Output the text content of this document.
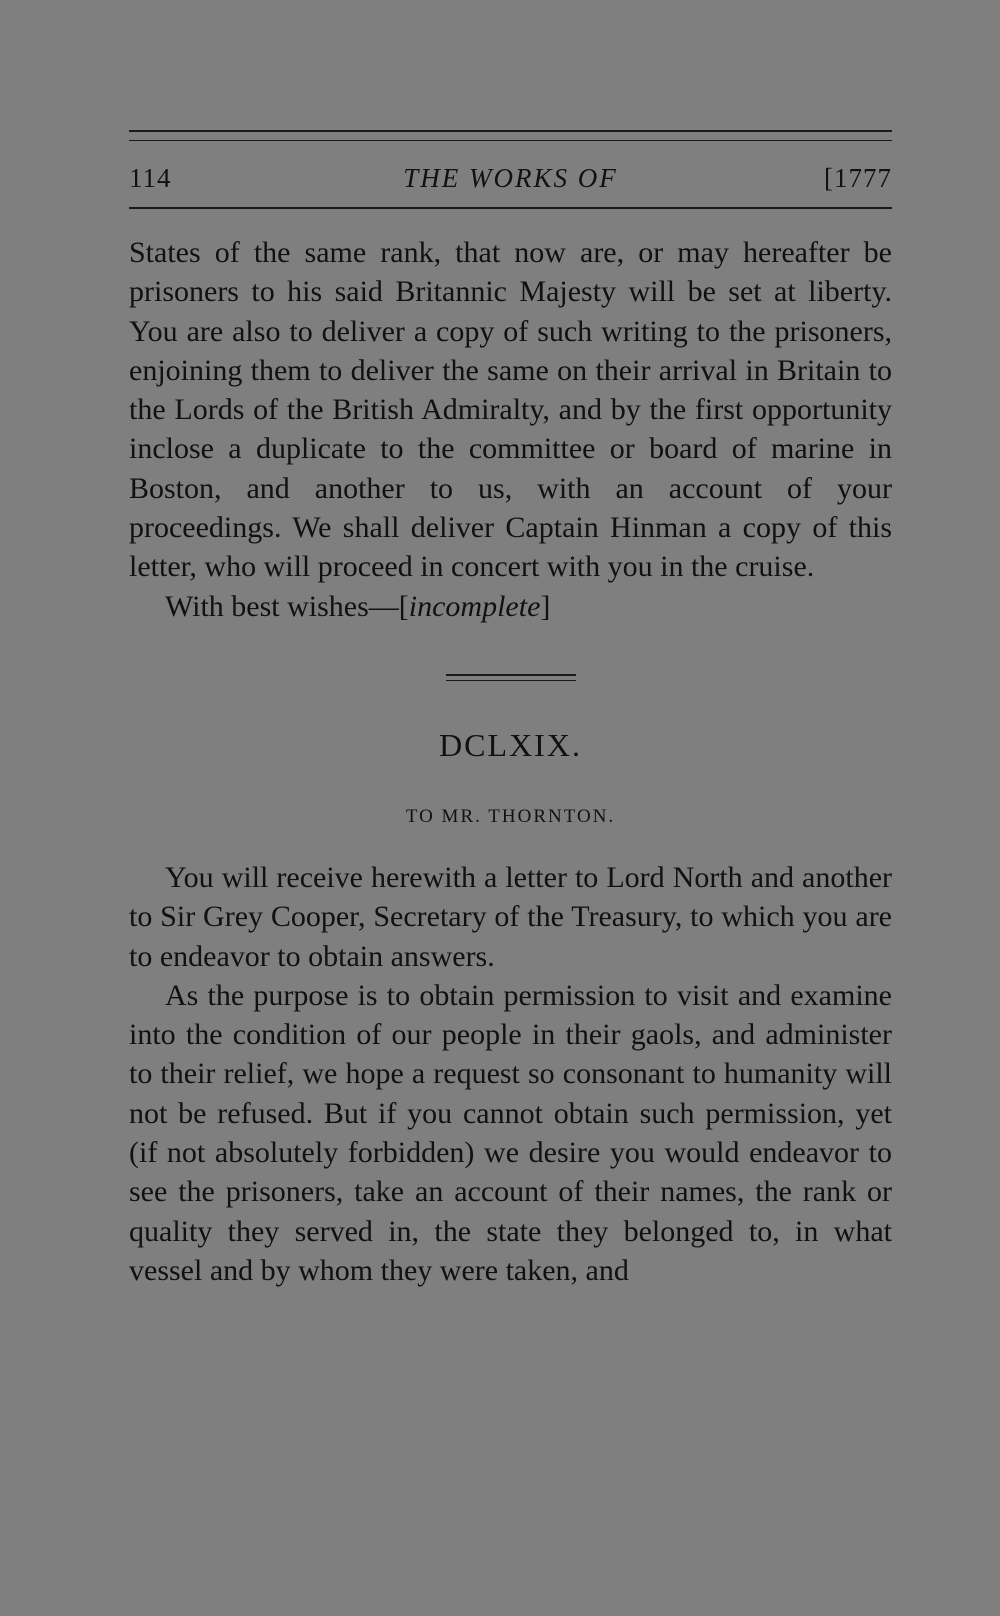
114	THE WORKS OF	[1777

States of the same rank, that now are, or may hereafter be prisoners to his said Britannic Majesty will be set at liberty. You are also to deliver a copy of such writing to the prisoners, enjoining them to deliver the same on their arrival in Britain to the Lords of the British Admiralty, and by the first opportunity inclose a duplicate to the committee or board of marine in Boston, and another to us, with an account of your proceedings. We shall deliver Captain Hinman a copy of this letter, who will proceed in concert with you in the cruise.

With best wishes—[incomplete]

DCLXIX.
TO MR. THORNTON.

You will receive herewith a letter to Lord North and another to Sir Grey Cooper, Secretary of the Treasury, to which you are to endeavor to obtain answers.

As the purpose is to obtain permission to visit and examine into the condition of our people in their gaols, and administer to their relief, we hope a request so consonant to humanity will not be refused. But if you cannot obtain such permission, yet (if not absolutely forbidden) we desire you would endeavor to see the prisoners, take an account of their names, the rank or quality they served in, the state they belonged to, in what vessel and by whom they were taken, and
